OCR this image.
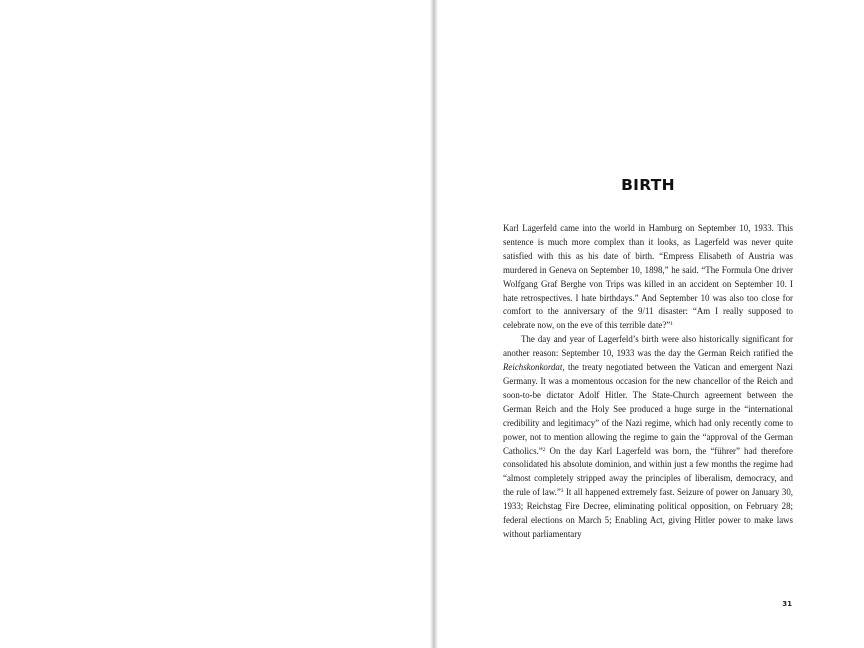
BIRTH

Karl Lagerfeld came into the world in Hamburg on September 10, 1933. This sentence is much more complex than it looks, as Lagerfeld was never quite satisfied with this as his date of birth. “Empress Elisabeth of Austria was murdered in Geneva on September 10, 1898,” he said. “The Formula One driver Wolfgang Graf Berghe von Trips was killed in an accident on September 10. I hate retrospectives. I hate birthdays.” And September 10 was also too close for comfort to the anniversary of the 9/11 disaster: “Am I really supposed to celebrate now, on the eve of this terrible date?”$^1$

The day and year of Lagerfeld’s birth were also historically significant for another reason: September 10, 1933 was the day the German Reich ratified the Reichskonkordat, the treaty negotiated between the Vatican and emergent Nazi Germany. It was a momentous occasion for the new chancellor of the Reich and soon-to-be dictator Adolf Hitler. The State-Church agreement between the German Reich and the Holy See produced a huge surge in the “international credibility and legitimacy” of the Nazi regime, which had only recently come to power, not to mention allowing the regime to gain the “approval of the German Catholics.”$^2$ On the day Karl Lagerfeld was born, the “führer” had therefore consolidated his absolute dominion, and within just a few months the regime had “almost completely stripped away the principles of liberalism, democracy, and the rule of law.”$^3$ It all happened extremely fast. Seizure of power on January 30, 1933; Reichstag Fire Decree, eliminating political opposition, on February 28; federal elections on March 5; Enabling Act, giving Hitler power to make laws without parliamentary

31
